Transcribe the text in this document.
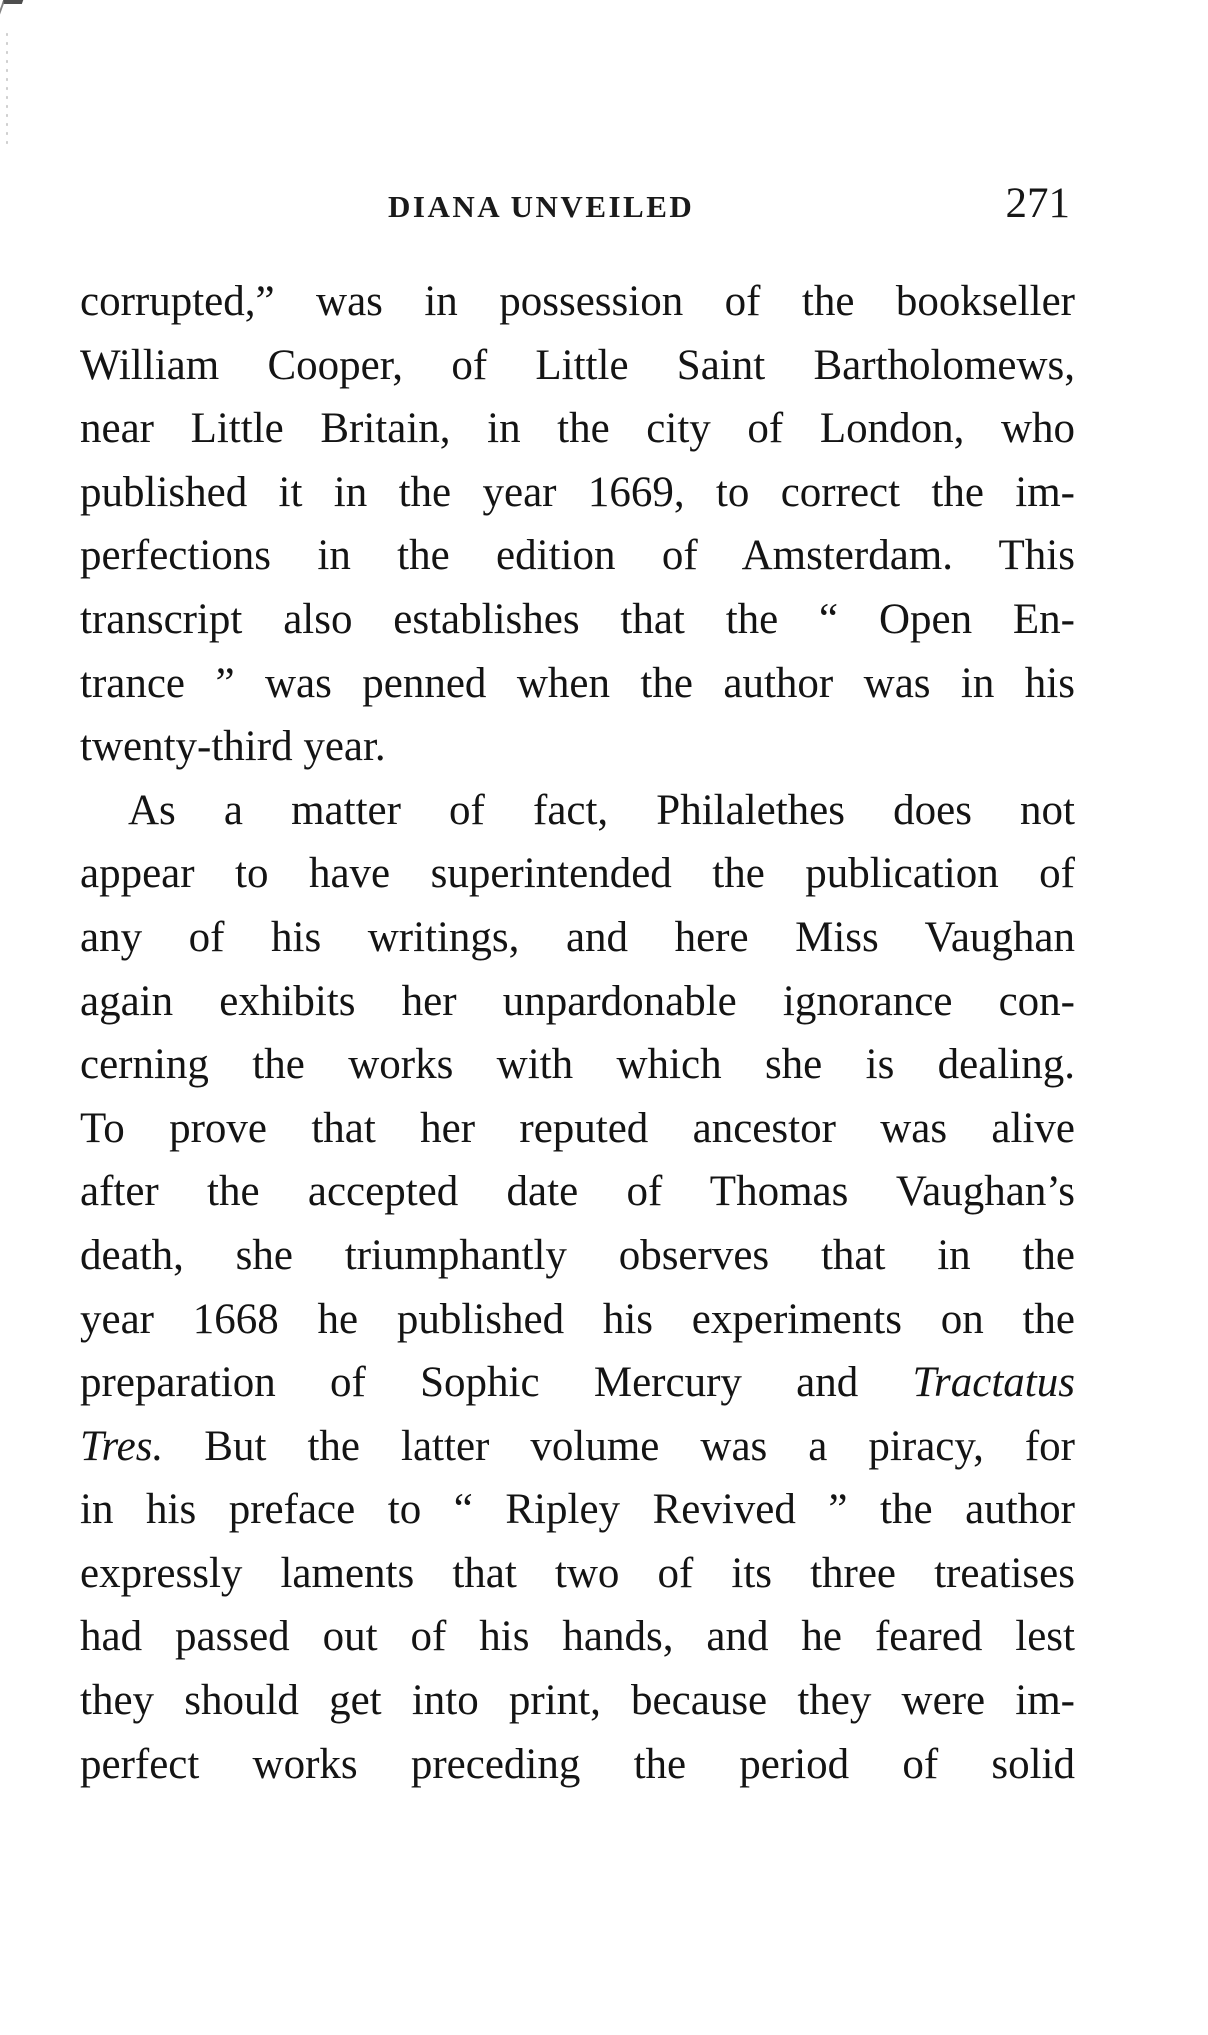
DIANA UNVEILED	271
corrupted,” was in possession of the bookseller
William Cooper, of Little Saint Bartholomews,
near Little Britain, in the city of London, who
published it in the year 1669, to correct the im-
perfections in the edition of Amsterdam. This
transcript also establishes that the “ Open En-
trance ” was penned when the author was in his
twenty-third year.
As a matter of fact, Philalethes does not
appear to have superintended the publication of
any of his writings, and here Miss Vaughan
again exhibits her unpardonable ignorance con-
cerning the works with which she is dealing.
To prove that her reputed ancestor was alive
after the accepted date of Thomas Vaughan’s
death, she triumphantly observes that in the
year 1668 he published his experiments on the
preparation of Sophic Mercury and Tractatus
Tres. But the latter volume was a piracy, for
in his preface to “ Ripley Revived ” the author
expressly laments that two of its three treatises
had passed out of his hands, and he feared lest
they should get into print, because they were im-
perfect works preceding the period of solid
